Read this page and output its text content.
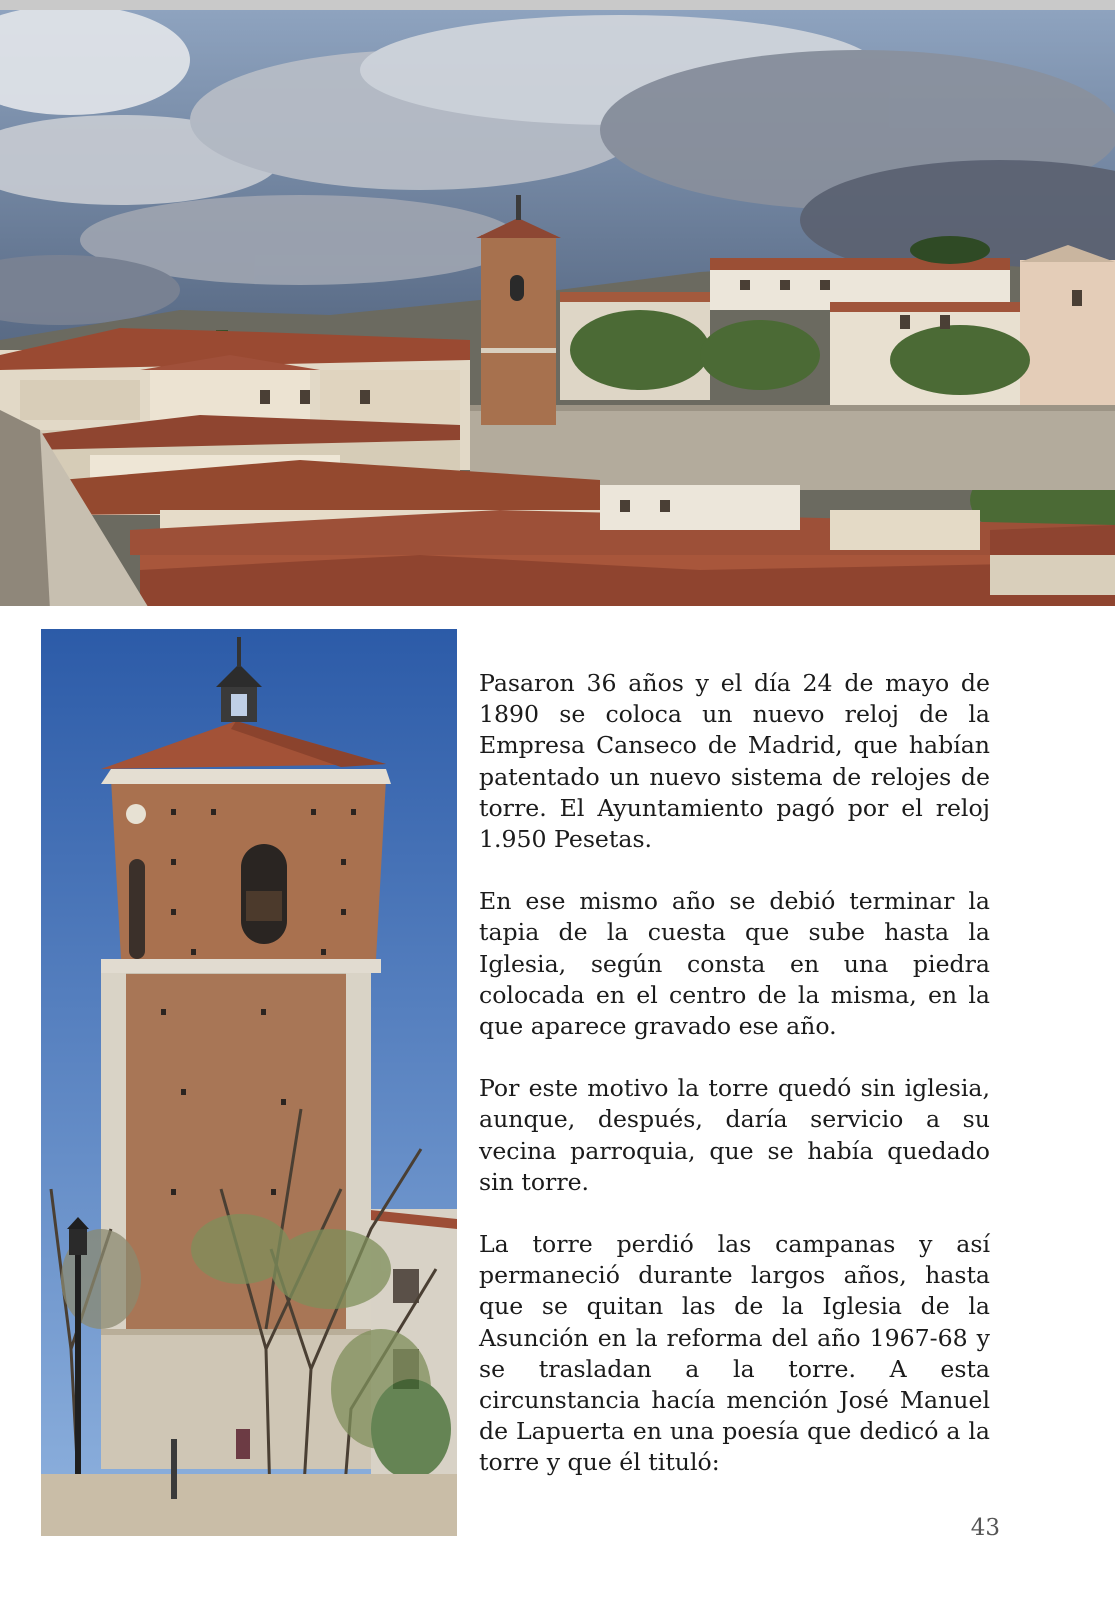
Pasaron 36 años y el día 24 de mayo de 1890 se coloca un nuevo reloj de la Empresa Canseco de Madrid, que habían patentado un nuevo sistema de relojes de torre. El Ayuntamiento pagó por el reloj 1.950 Pesetas.

En ese mismo año se debió terminar la tapia de la cuesta que sube hasta la Iglesia, según consta en una piedra colocada en el centro de la misma, en la que aparece gravado ese año.

Por este motivo la torre quedó sin iglesia, aunque, después, daría servicio a su vecina parroquia, que se había quedado sin torre.

La torre perdió las campanas y así permaneció durante largos años, hasta que se quitan las de la Iglesia de la Asunción en la reforma del año 1967-68 y se trasladan a la torre. A esta circunstancia hacía mención José Manuel de Lapuerta en una poesía que dedicó a la torre y que él tituló:

43
